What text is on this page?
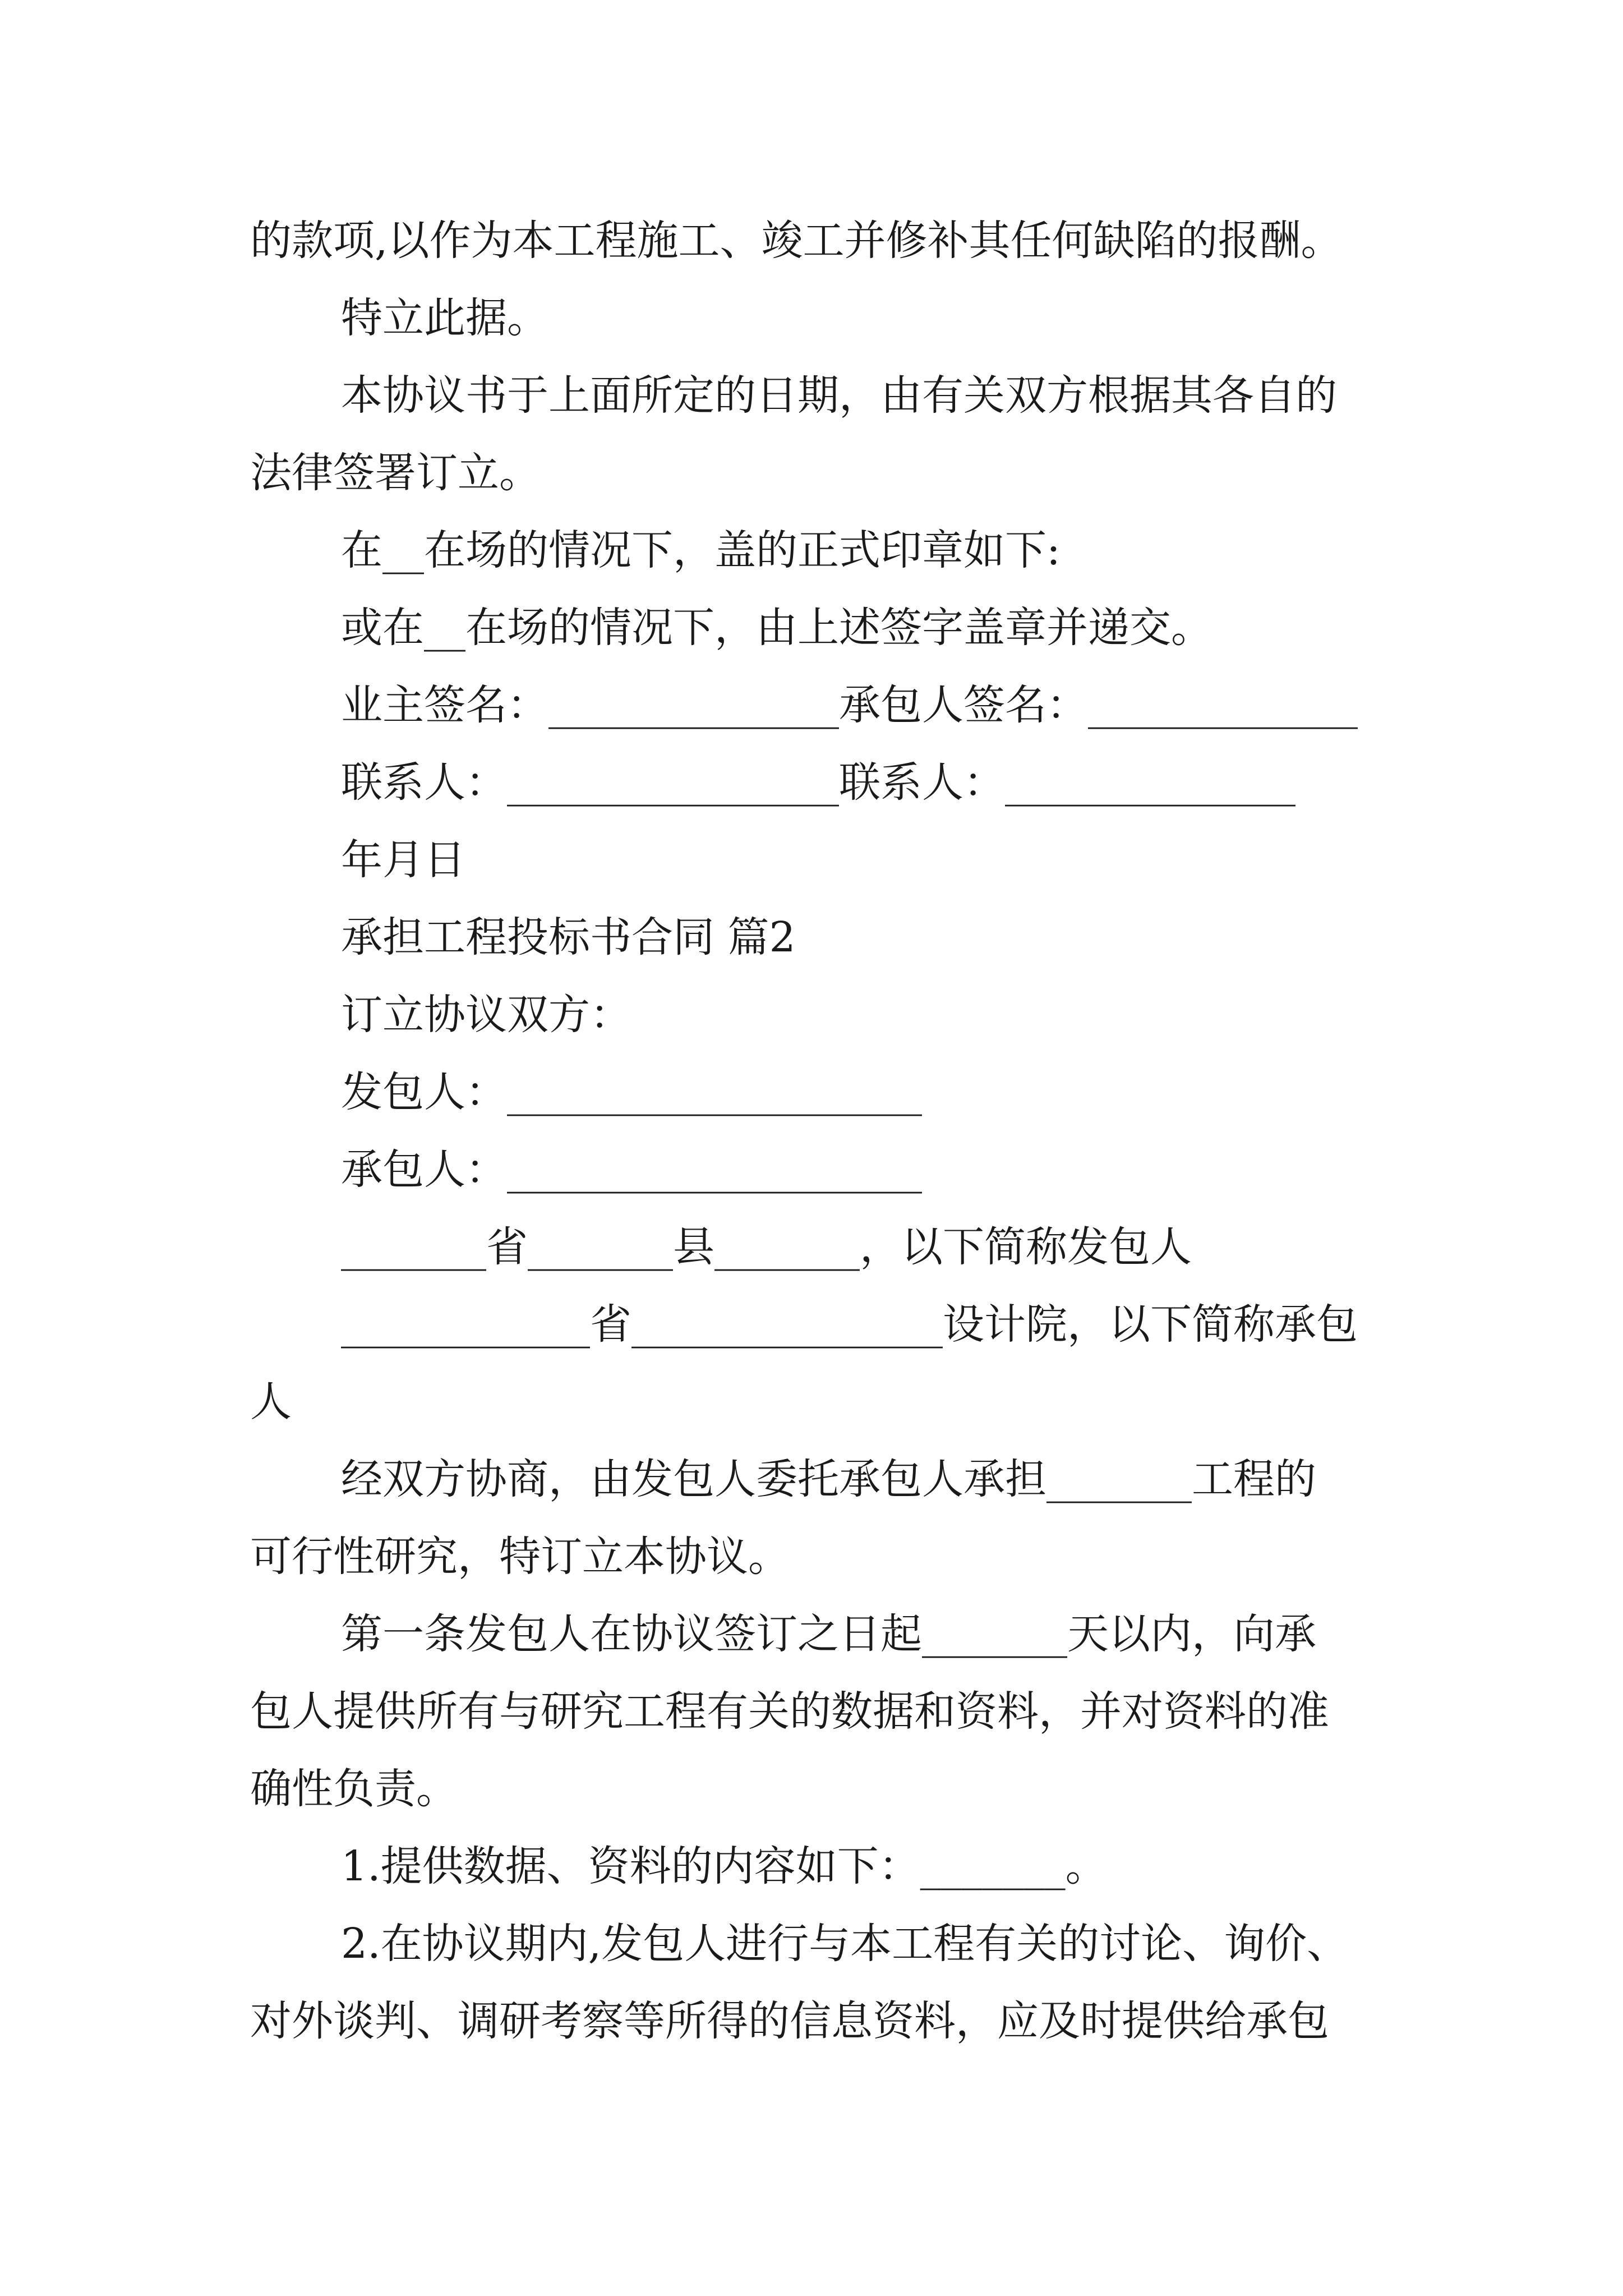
的款项,以作为本工程施工、竣工并修补其任何缺陷的报酬。

特立此据。

本协议书于上面所定的日期，由有关双方根据其各自的

法律签署订立。

在__在场的情况下，盖的正式印章如下:

或在__在场的情况下，由上述签字盖章并递交。

业主签名：______________承包人签名：_____________

联系人：________________联系人：______________

年月日

承担工程投标书合同 篇2

订立协议双方：

发包人：____________________

承包人：____________________

_______省_______县_______，以下简称发包人

____________省_______________设计院，以下简称承包

人

经双方协商，由发包人委托承包人承担_______工程的

可行性研究，特订立本协议。

第一条发包人在协议签订之日起_______天以内，向承

包人提供所有与研究工程有关的数据和资料，并对资料的准

确性负责。

1.提供数据、资料的内容如下：_______。

2.在协议期内,发包人进行与本工程有关的讨论、询价、

对外谈判、调研考察等所得的信息资料，应及时提供给承包
